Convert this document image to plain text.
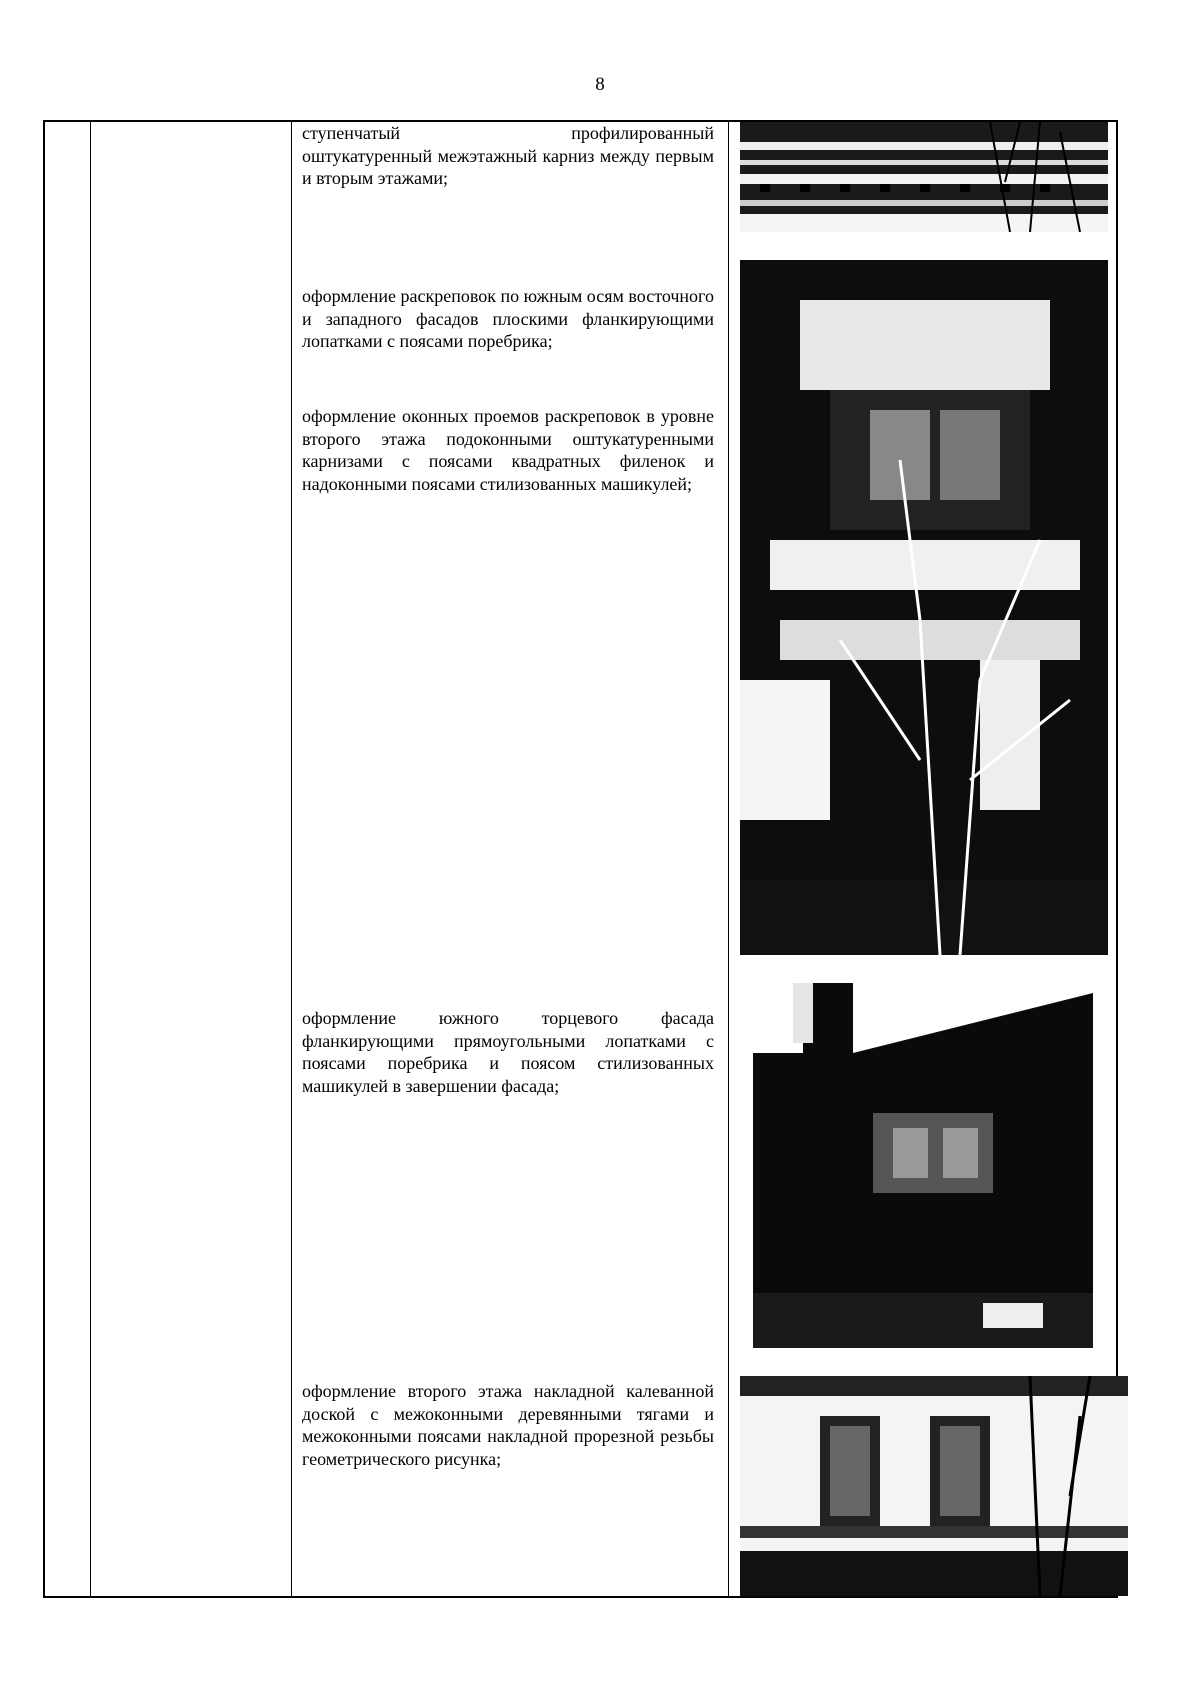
8
ступенчатый профилированный
оштукатуренный межэтажный карниз между первым и вторым этажами;

оформление раскреповок по южным осям восточного и западного фасадов плоскими фланкирующими лопатками с поясами поребрика;

оформление оконных проемов раскреповок в уровне второго этажа подоконными оштукатуренными карнизами с поясами квадратных филенок и надоконными поясами стилизованных машикулей;

оформление южного торцевого фасада фланкирующими прямоугольными лопатками с поясами поребрика и поясом стилизованных машикулей в завершении фасада;

оформление второго этажа накладной калеванной доской с межоконными деревянными тягами и межоконными поясами накладной прорезной резьбы геометрического рисунка;
